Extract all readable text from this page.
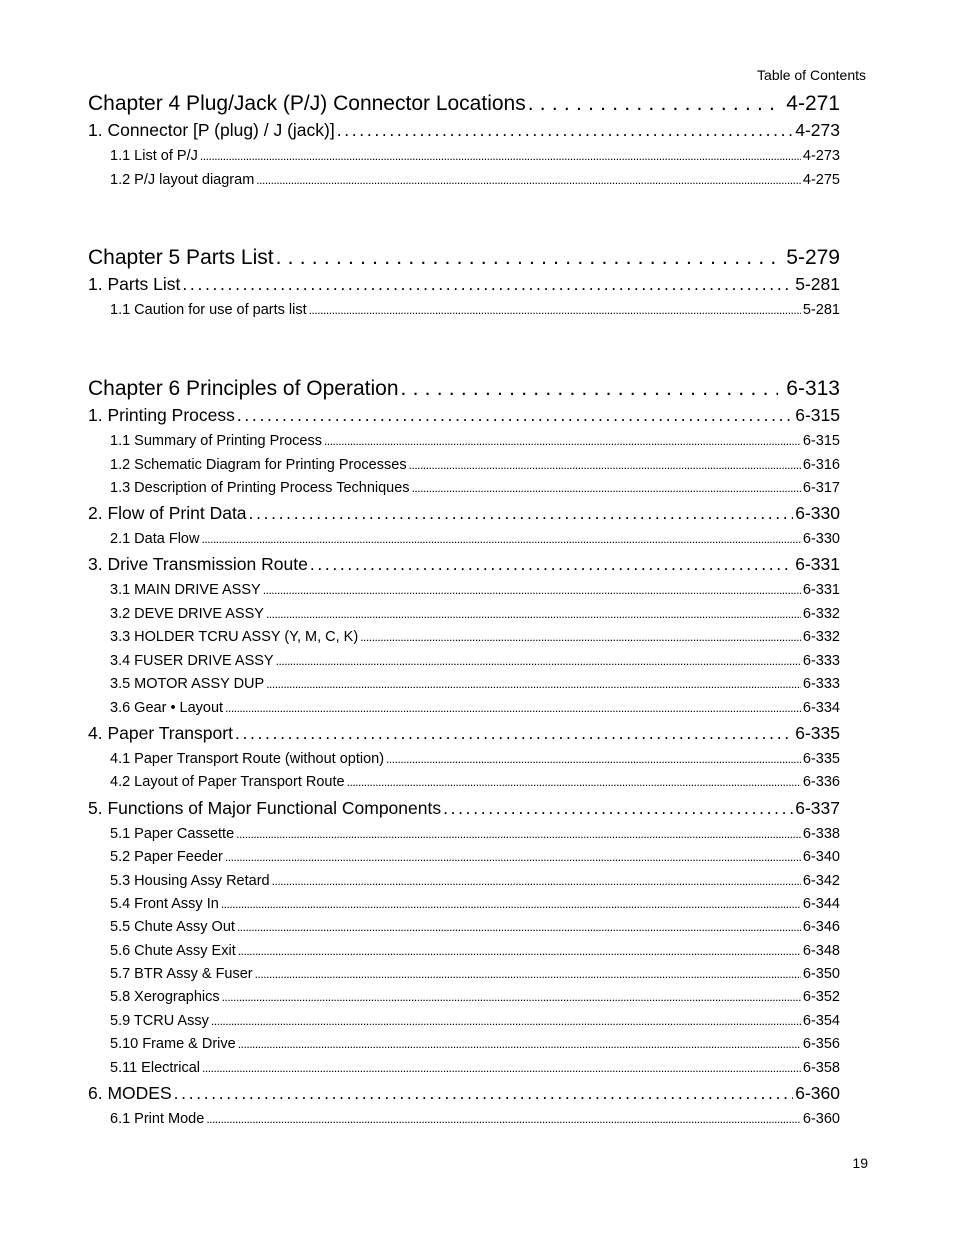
Table of Contents
Chapter 4 Plug/Jack (P/J) Connector Locations . . .	4-271
1. Connector [P (plug) / J (jack)] . . .	4-273
1.1 List of P/J . . .	4-273
1.2 P/J layout diagram . . .	4-275
Chapter 5 Parts List . . .	5-279
1. Parts List . . .	5-281
1.1 Caution for use of parts list . . .	5-281
Chapter 6 Principles of Operation . . .	6-313
1. Printing Process . . .	6-315
1.1 Summary of Printing Process . . .	6-315
1.2 Schematic Diagram for Printing Processes . . .	6-316
1.3 Description of Printing Process Techniques . . .	6-317
2. Flow of Print Data . . .	6-330
2.1 Data Flow . . .	6-330
3. Drive Transmission Route . . .	6-331
3.1 MAIN DRIVE ASSY . . .	6-331
3.2 DEVE DRIVE ASSY . . .	6-332
3.3 HOLDER TCRU ASSY (Y, M, C, K) . . .	6-332
3.4 FUSER DRIVE ASSY . . .	6-333
3.5 MOTOR ASSY DUP . . .	6-333
3.6 Gear • Layout . . .	6-334
4. Paper Transport . . .	6-335
4.1 Paper Transport Route (without option) . . .	6-335
4.2 Layout of Paper Transport Route . . .	6-336
5. Functions of Major Functional Components . . .	6-337
5.1 Paper Cassette . . .	6-338
5.2 Paper Feeder . . .	6-340
5.3 Housing Assy Retard . . .	6-342
5.4 Front Assy In . . .	6-344
5.5 Chute Assy Out . . .	6-346
5.6 Chute Assy Exit . . .	6-348
5.7 BTR Assy & Fuser . . .	6-350
5.8 Xerographics . . .	6-352
5.9 TCRU Assy . . .	6-354
5.10 Frame & Drive . . .	6-356
5.11 Electrical . . .	6-358
6. MODES . . .	6-360
6.1 Print Mode . . .	6-360
19
